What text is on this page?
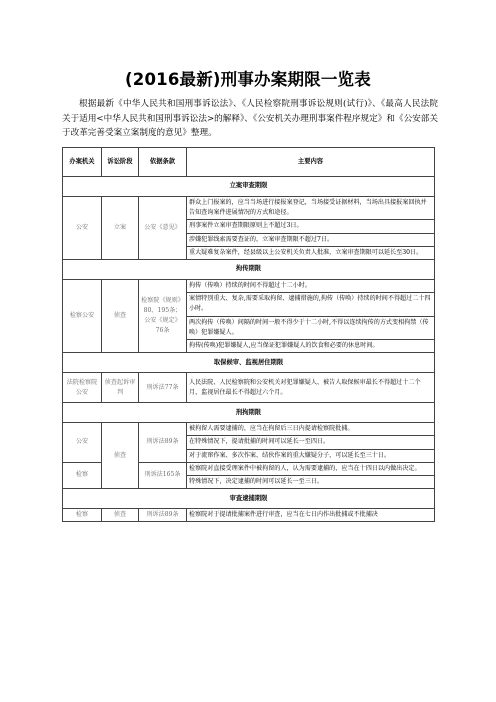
(2016最新)刑事办案期限一览表
根据最新《中华人民共和国刑事诉讼法》、《人民检察院刑事诉讼规则(试行)》、《最高人民法院关于适用<中华人民共和国刑事诉讼法>的解释》、《公安机关办理刑事案件程序规定》和《公安部关于改革完善受案立案制度的意见》整理。
办案机关	诉讼阶段	依据条款	主要内容
立案审查期限			
公安	立案	公安《意见》	群众上门报案的，应当当场进行接报案登记，当场接受证据材料，当场出具接报案回执并告知查询案件进展情况的方式和途径。
			刑事案件立案审查期限原则上不超过3日。
			涉嫌犯罪线索需要查证的，立案审查期限不超过7日。
			重大疑难复杂案件，经县级以上公安机关负责人批准，立案审查期限可以延长至30日。
拘传期限			
检察公安	侦查	检察院《规则》80、195条；公安《规定》76条	拘传（传唤）持续的时间不得超过十二小时。
			案情特别重大、复杂,需要采取拘留、逮捕措施的,拘传（传唤）持续的时间不得超过二十四小时。
			两次拘传（传唤）间隔的时间一般不得少于十二小时,不得以连续拘传的方式变相拘禁（传唤）犯罪嫌疑人。
			拘传(传唤)犯罪嫌疑人,应当保证犯罪嫌疑人的饮食和必要的休息时间。
取保候审、监视居住期限			
法院检察院公安	侦查起诉审判	刑诉法77条	人民法院、人民检察院和公安机关对犯罪嫌疑人、被告人取保候审最长不得超过十二个月，监视居住最长不得超过六个月。
刑拘期限			
公安	侦查	刑诉法89条	被拘留人需要逮捕的，应当在拘留后三日内提请检察院批捕。
			在特殊情况下，提请批捕的时间可以延长一至四日。
			对于流窜作案、多次作案、结伙作案的重大嫌疑分子，可以延长至三十日。
检察		刑诉法165条	检察院对直接受理案件中被拘留的人，认为需要逮捕的，应当在十四日以内做出决定。
			特殊情况下，决定逮捕的时间可以延长一至三日。
审查逮捕期限			
检察	侦查	刑诉法89条	检察院对于提请批捕案件进行审查，应当在七日内作出批捕或不批捕决
